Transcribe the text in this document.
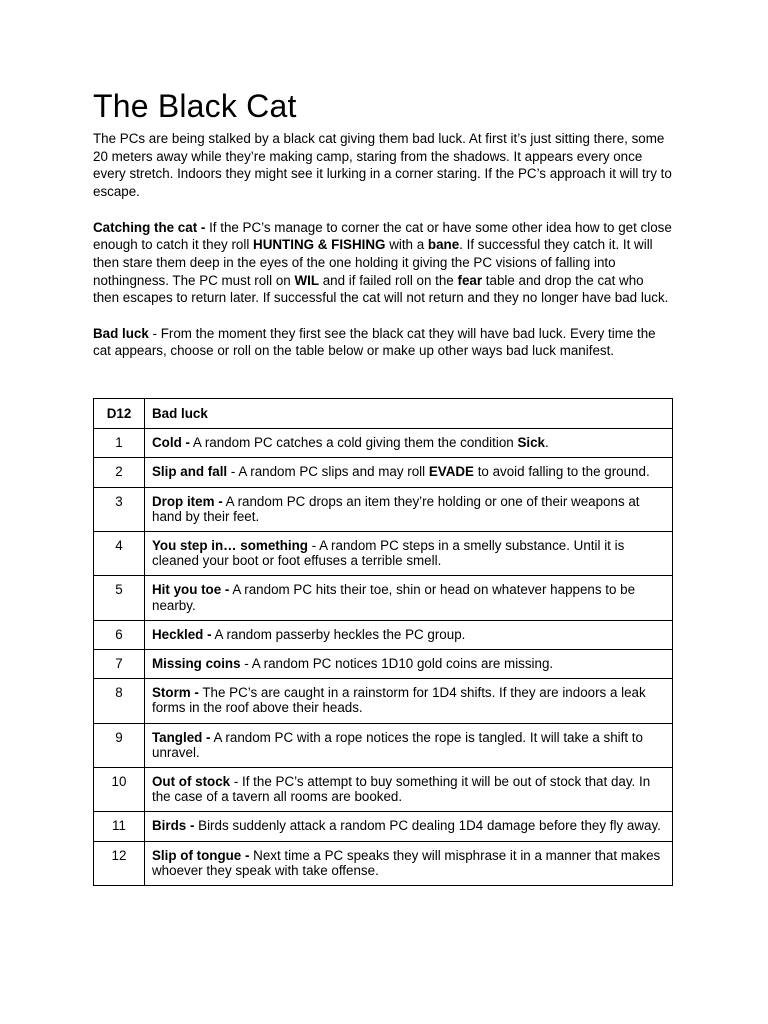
The Black Cat

The PCs are being stalked by a black cat giving them bad luck. At first it’s just sitting there, some 20 meters away while they’re making camp, staring from the shadows. It appears every once every stretch. Indoors they might see it lurking in a corner staring. If the PC’s approach it will try to escape.

Catching the cat - If the PC’s manage to corner the cat or have some other idea how to get close enough to catch it they roll HUNTING & FISHING with a bane. If successful they catch it. It will then stare them deep in the eyes of the one holding it giving the PC visions of falling into nothingness. The PC must roll on WIL and if failed roll on the fear table and drop the cat who then escapes to return later. If successful the cat will not return and they no longer have bad luck.

Bad luck - From the moment they first see the black cat they will have bad luck. Every time the cat appears, choose or roll on the table below or make up other ways bad luck manifest.

D12	Bad luck
1	Cold - A random PC catches a cold giving them the condition Sick.
2	Slip and fall - A random PC slips and may roll EVADE to avoid falling to the ground.
3	Drop item - A random PC drops an item they’re holding or one of their weapons at hand by their feet.
4	You step in… something - A random PC steps in a smelly substance. Until it is cleaned your boot or foot effuses a terrible smell.
5	Hit you toe - A random PC hits their toe, shin or head on whatever happens to be nearby.
6	Heckled - A random passerby heckles the PC group.
7	Missing coins - A random PC notices 1D10 gold coins are missing.
8	Storm - The PC’s are caught in a rainstorm for 1D4 shifts. If they are indoors a leak forms in the roof above their heads.
9	Tangled - A random PC with a rope notices the rope is tangled. It will take a shift to unravel.
10	Out of stock - If the PC’s attempt to buy something it will be out of stock that day. In the case of a tavern all rooms are booked.
11	Birds - Birds suddenly attack a random PC dealing 1D4 damage before they fly away.
12	Slip of tongue - Next time a PC speaks they will misphrase it in a manner that makes whoever they speak with take offense.
